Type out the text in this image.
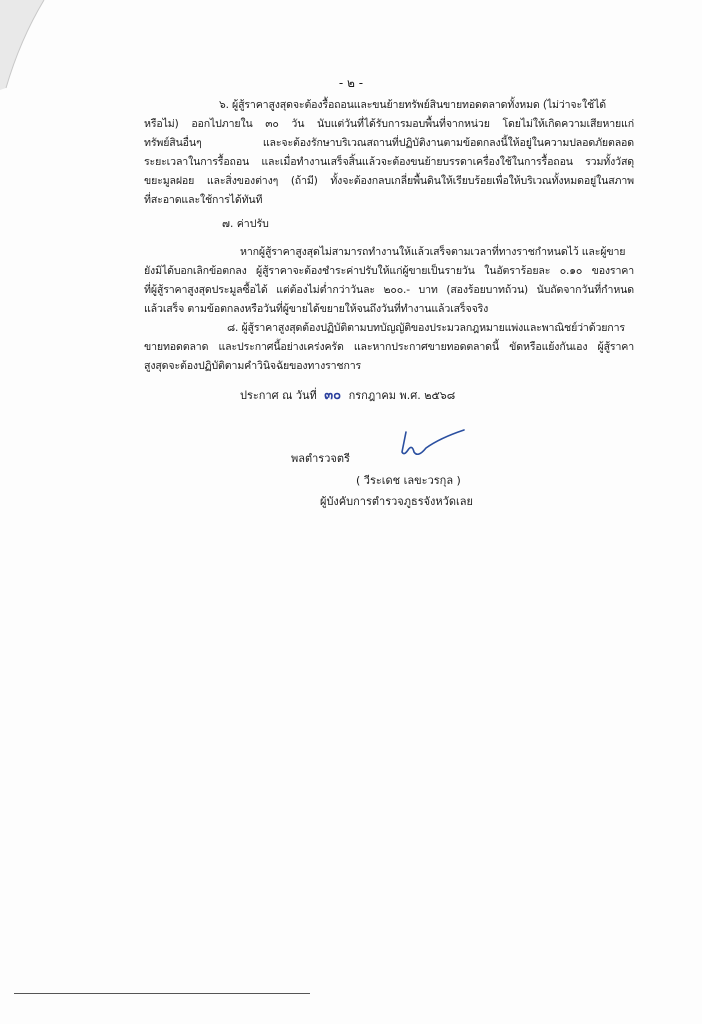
- ๒ -
๖. ผู้สู้ราคาสูงสุดจะต้องรื้อถอนและขนย้ายทรัพย์สินขายทอดตลาดทั้งหมด (ไม่ว่าจะใช้ได้
หรือไม่) ออกไปภายใน ๓๐ วัน นับแต่วันที่ได้รับการมอบพื้นที่จากหน่วย โดยไม่ให้เกิดความเสียหายแก่
ทรัพย์สินอื่นๆ และจะต้องรักษาบริเวณสถานที่ปฏิบัติงานตามข้อตกลงนี้ให้อยู่ในความปลอดภัยตลอด
ระยะเวลาในการรื้อถอน และเมื่อทำงานเสร็จสิ้นแล้วจะต้องขนย้ายบรรดาเครื่องใช้ในการรื้อถอน รวมทั้งวัสดุ
ขยะมูลฝอย และสิ่งของต่างๆ (ถ้ามี) ทั้งจะต้องกลบเกลี่ยพื้นดินให้เรียบร้อยเพื่อให้บริเวณทั้งหมดอยู่ในสภาพ
ที่สะอาดและใช้การได้ทันที
๗. ค่าปรับ
หากผู้สู้ราคาสูงสุดไม่สามารถทำงานให้แล้วเสร็จตามเวลาที่ทางราชกำหนดไว้ และผู้ขาย
ยังมิได้บอกเลิกข้อตกลง ผู้สู้ราคาจะต้องชำระค่าปรับให้แก่ผู้ขายเป็นรายวัน ในอัตราร้อยละ ๐.๑๐ ของราคา
ที่ผู้สู้ราคาสูงสุดประมูลซื้อได้ แต่ต้องไม่ต่ำกว่าวันละ ๒๐๐.- บาท (สองร้อยบาทถ้วน) นับถัดจากวันที่กำหนด
แล้วเสร็จ ตามข้อตกลงหรือวันที่ผู้ขายได้ขยายให้จนถึงวันที่ทำงานแล้วเสร็จจริง
๘. ผู้สู้ราคาสูงสุดต้องปฏิบัติตามบทบัญญัติของประมวลกฎหมายแพ่งและพาณิชย์ว่าด้วยการ
ขายทอดตลาด และประกาศนี้อย่างเคร่งครัด และหากประกาศขายทอดตลาดนี้ ขัดหรือแย้งกันเอง ผู้สู้ราคา
สูงสุดจะต้องปฏิบัติตามคำวินิจฉัยของทางราชการ
ประกาศ ณ วันที่ ๓๐ กรกฎาคม พ.ศ. ๒๕๖๘
พลตำรวจตรี
( วีระเดช เลขะวรกุล )
ผู้บังคับการตำรวจภูธรจังหวัดเลย
